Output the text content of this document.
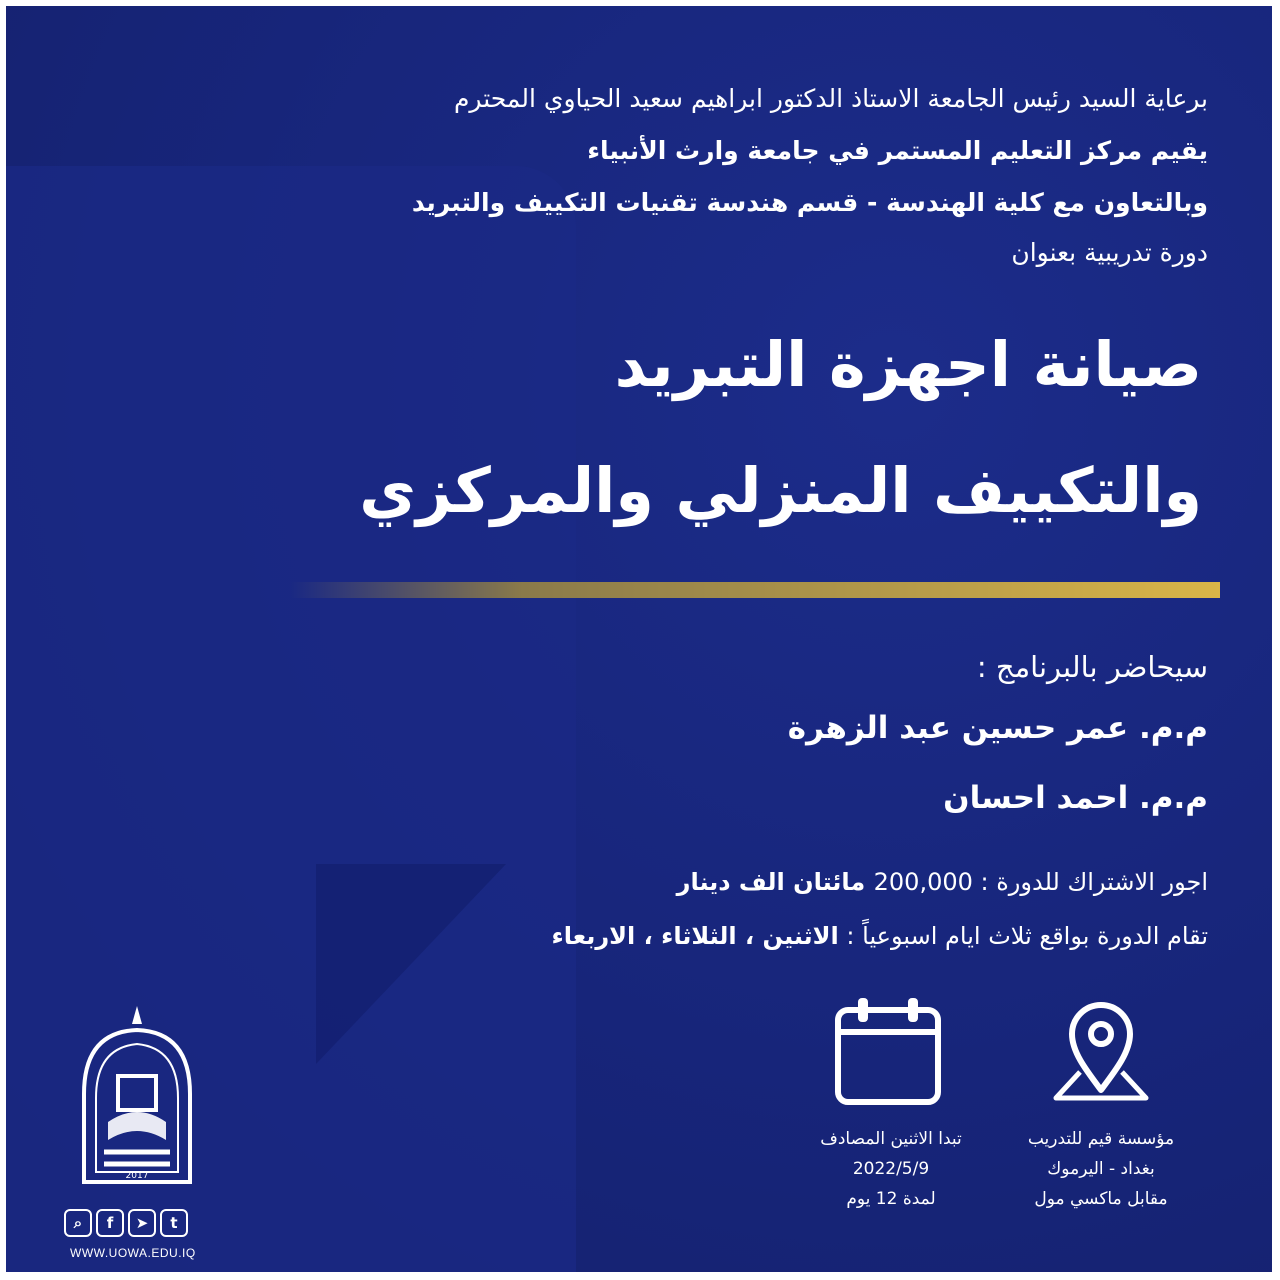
برعاية السيد رئيس الجامعة الاستاذ الدكتور ابراهيم سعيد الحياوي المحترم
يقيم مركز التعليم المستمر في جامعة وارث الأنبياء
وبالتعاون مع كلية الهندسة - قسم هندسة تقنيات التكييف والتبريد
دورة تدريبية بعنوان
صيانة اجهزة التبريد
والتكييف المنزلي والمركزي
سيحاضر بالبرنامج :
م.م. عمر حسين عبد الزهرة
م.م. احمد احسان
اجور الاشتراك للدورة : 200,000 مائتان الف دينار
تقام الدورة بواقع ثلاث ايام اسبوعياً : الاثنين ، الثلاثاء ، الاربعاء
تبدا الاثنين المصادف
2022/5/9
لمدة 12 يوم
مؤسسة قيم للتدريب
بغداد - اليرموك
مقابل ماكسي مول
2017
⌕	f	➤	t
WWW.UOWA.EDU.IQ
